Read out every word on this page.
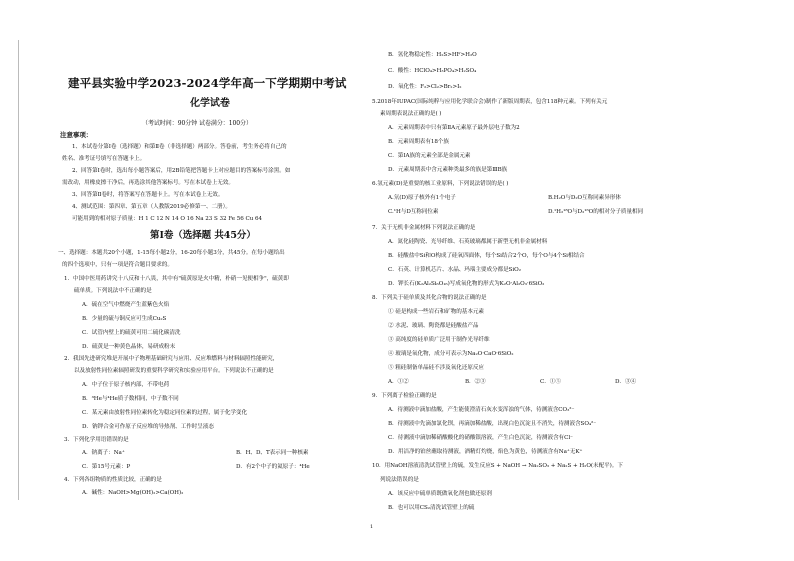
建平县实验中学2023-2024学年高一下学期期中考试
化学试卷
（考试时间：90分钟 试卷满分：100分）
注意事项：
1、本试卷分第Ⅰ卷（选择题）和第Ⅱ卷（非选择题）两部分。答卷前，考生务必将自己的
姓名、准考证号填写在答题卡上。
2、回答第Ⅰ卷时，选出每小题答案后，用2B铅笔把答题卡上对应题目的答案标号涂黑。如
需改动，用橡皮擦干净后，再选涂其他答案标号。写在本试卷上无效。
3、回答第Ⅱ卷时，将答案写在答题卡上。写在本试卷上无效。
4、测试范围：第四章、第五章（人教版2019必修第一、二册）。
可能用到的相对原子质量：H 1 C 12 N 14 O 16 Na 23 S 32 Fe 56 Cu 64
第Ⅰ卷（选择题 共45分）
一、选择题：本题共20个小题，1-15每小题2分，16-20每小题3分，共45分。在每小题给出
的四个选项中，只有一项是符合题目要求的。
1．中国中医用药讲究十八反和十八畏，其中有"硫黄原是火中精，朴硝一见便相争"，硫黄即
硫单质。下列说法中不正确的是
A．硫在空气中燃烧产生蓝紫色火焰
B．少量的硫与铜反应可生成Cu₂S
C．试管内壁上的硫黄可用二硫化碳清洗
D．硫黄是一种黄色晶体，易研成粉末
2．我国先进研究堆是开展中子物理基础研究与应用、反应堆燃料与材料辐照性能研究，
以及放射性同位素辐照研发的重要科学研究和实验应用平台。下列说法不正确的是
A．中子位于原子核内部，不带电荷
B．³He与⁴He质子数相同，中子数不同
C．某元素由放射性同位素转化为稳定同位素的过程，属于化学变化
D．钠钾合金可作原子反应堆的导热剂、工作时呈液态
3．下列化学用语错误的是
A．钠离子：Na⁺	B．H、D、T表示同一种核素
C．第15号元素：P	D．有2个中子的氦原子：⁴He
4．下列各组物质的性质比较，正确的是
A．碱性：NaOH>Mg(OH)₂>Ca(OH)₂
B．氢化物稳定性：H₂S>HF>H₂O
C．酸性：HClO₄>H₃PO₄>H₂SO₄
D．氧化性：F₂>Cl₂>Br₂>I₂
5.2018年IUPAC(国际纯粹与应用化学联合会)制作了新版周期表，包含118种元素。下列有关元
素周期表说法正确的是( )
A．元素周期表中只有第ⅡA元素原子最外层电子数为2
B．元素周期表有18个族
C．第ⅠA族的元素全部是金属元素
D．元素周期表中含元素种类最多的族是第ⅢB族
6.氢元素(D)是重要的核工业原料，下列说法错误的是( )
A.氘(D)原子核外有1个电子	B.H₂O与D₂O互称同素异形体
C.¹H与D互称同位素	D.¹H₂¹⁸O与D₂¹⁶O的相对分子质量相同
7．关于无机非金属材料下列说法正确的是
A．氮化硅陶瓷、光导纤维、石英玻璃都属于新型无机非金属材料
B．硅酸盐中Si和O构成了硅氧四面体，每个Si结合2个O，每个O与4个Si相结合
C．石英、计算机芯片、水晶、玛瑙主要成分都是SiO₂
D．钾长石(K₂Al₂Si₆O₁₆)写成氧化物的形式为K₂O·Al₂O₃·6SiO₂
8．下列关于硅单质及其化合物的说法正确的是
① 硅是构成一些岩石和矿物的基本元素
② 水泥、玻璃、陶瓷都是硅酸盐产品
③ 高纯度的硅单质广泛用于制作光导纤维
④ 玻璃是氧化物，成分可表示为Na₂O·CaO·6SiO₂
⑤ 粗硅制备单晶硅不涉及氧化还原反应
A．①②	B．②③	C．①⑤	D．③④
9．下列离子检验正确的是
A．待测液中滴加盐酸，产生能使澄清石灰水变浑浊的气体，待测液含CO₃²⁻
B．待测液中先滴加氯化钡，再滴加稀盐酸，出现白色沉淀且不消失，待测液含SO₄²⁻
C．待测液中滴加稀硝酸酸化的硝酸银溶液，产生白色沉淀，待测液含有Cl⁻
D．用洁净的铂丝蘸取待测液，酒精灯灼烧，焰色为黄色，待测液含有Na⁺无K⁺
10．用NaOH溶液清洗试管壁上的硫，发生反应S + NaOH → Na₂SO₃ + Na₂S + H₂O(未配平)。下
列说法错误的是
A．该反应中硫单质既做氧化剂也做还原剂
B．也可以用CS₂清洗试管壁上的硫
1
